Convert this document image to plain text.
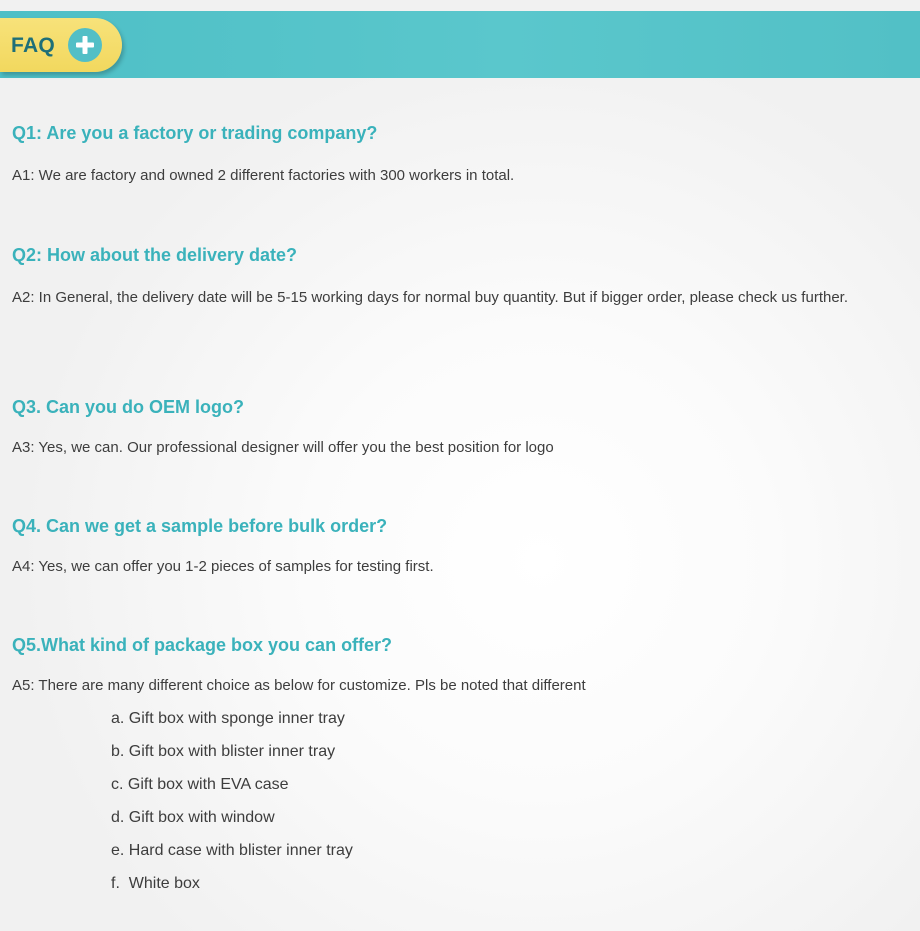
FAQ
Q1: Are you a factory or trading company?
A1: We are factory and owned 2 different factories with 300 workers in total.
Q2: How about the delivery date?
A2: In General, the delivery date will be 5-15 working days for normal buy quantity. But if bigger order, please check us further.
Q3. Can you do OEM logo?
A3: Yes, we can. Our professional designer will offer you the best position for logo
Q4. Can we get a sample before bulk order?
A4: Yes, we can offer you 1-2 pieces of samples for testing first.
Q5.What kind of package box you can offer?
A5: There are many different choice as below for customize. Pls be noted that different
a. Gift box with sponge inner tray
b. Gift box with blister inner tray
c. Gift box with EVA case
d. Gift box with window
e. Hard case with blister inner tray
f.  White box
